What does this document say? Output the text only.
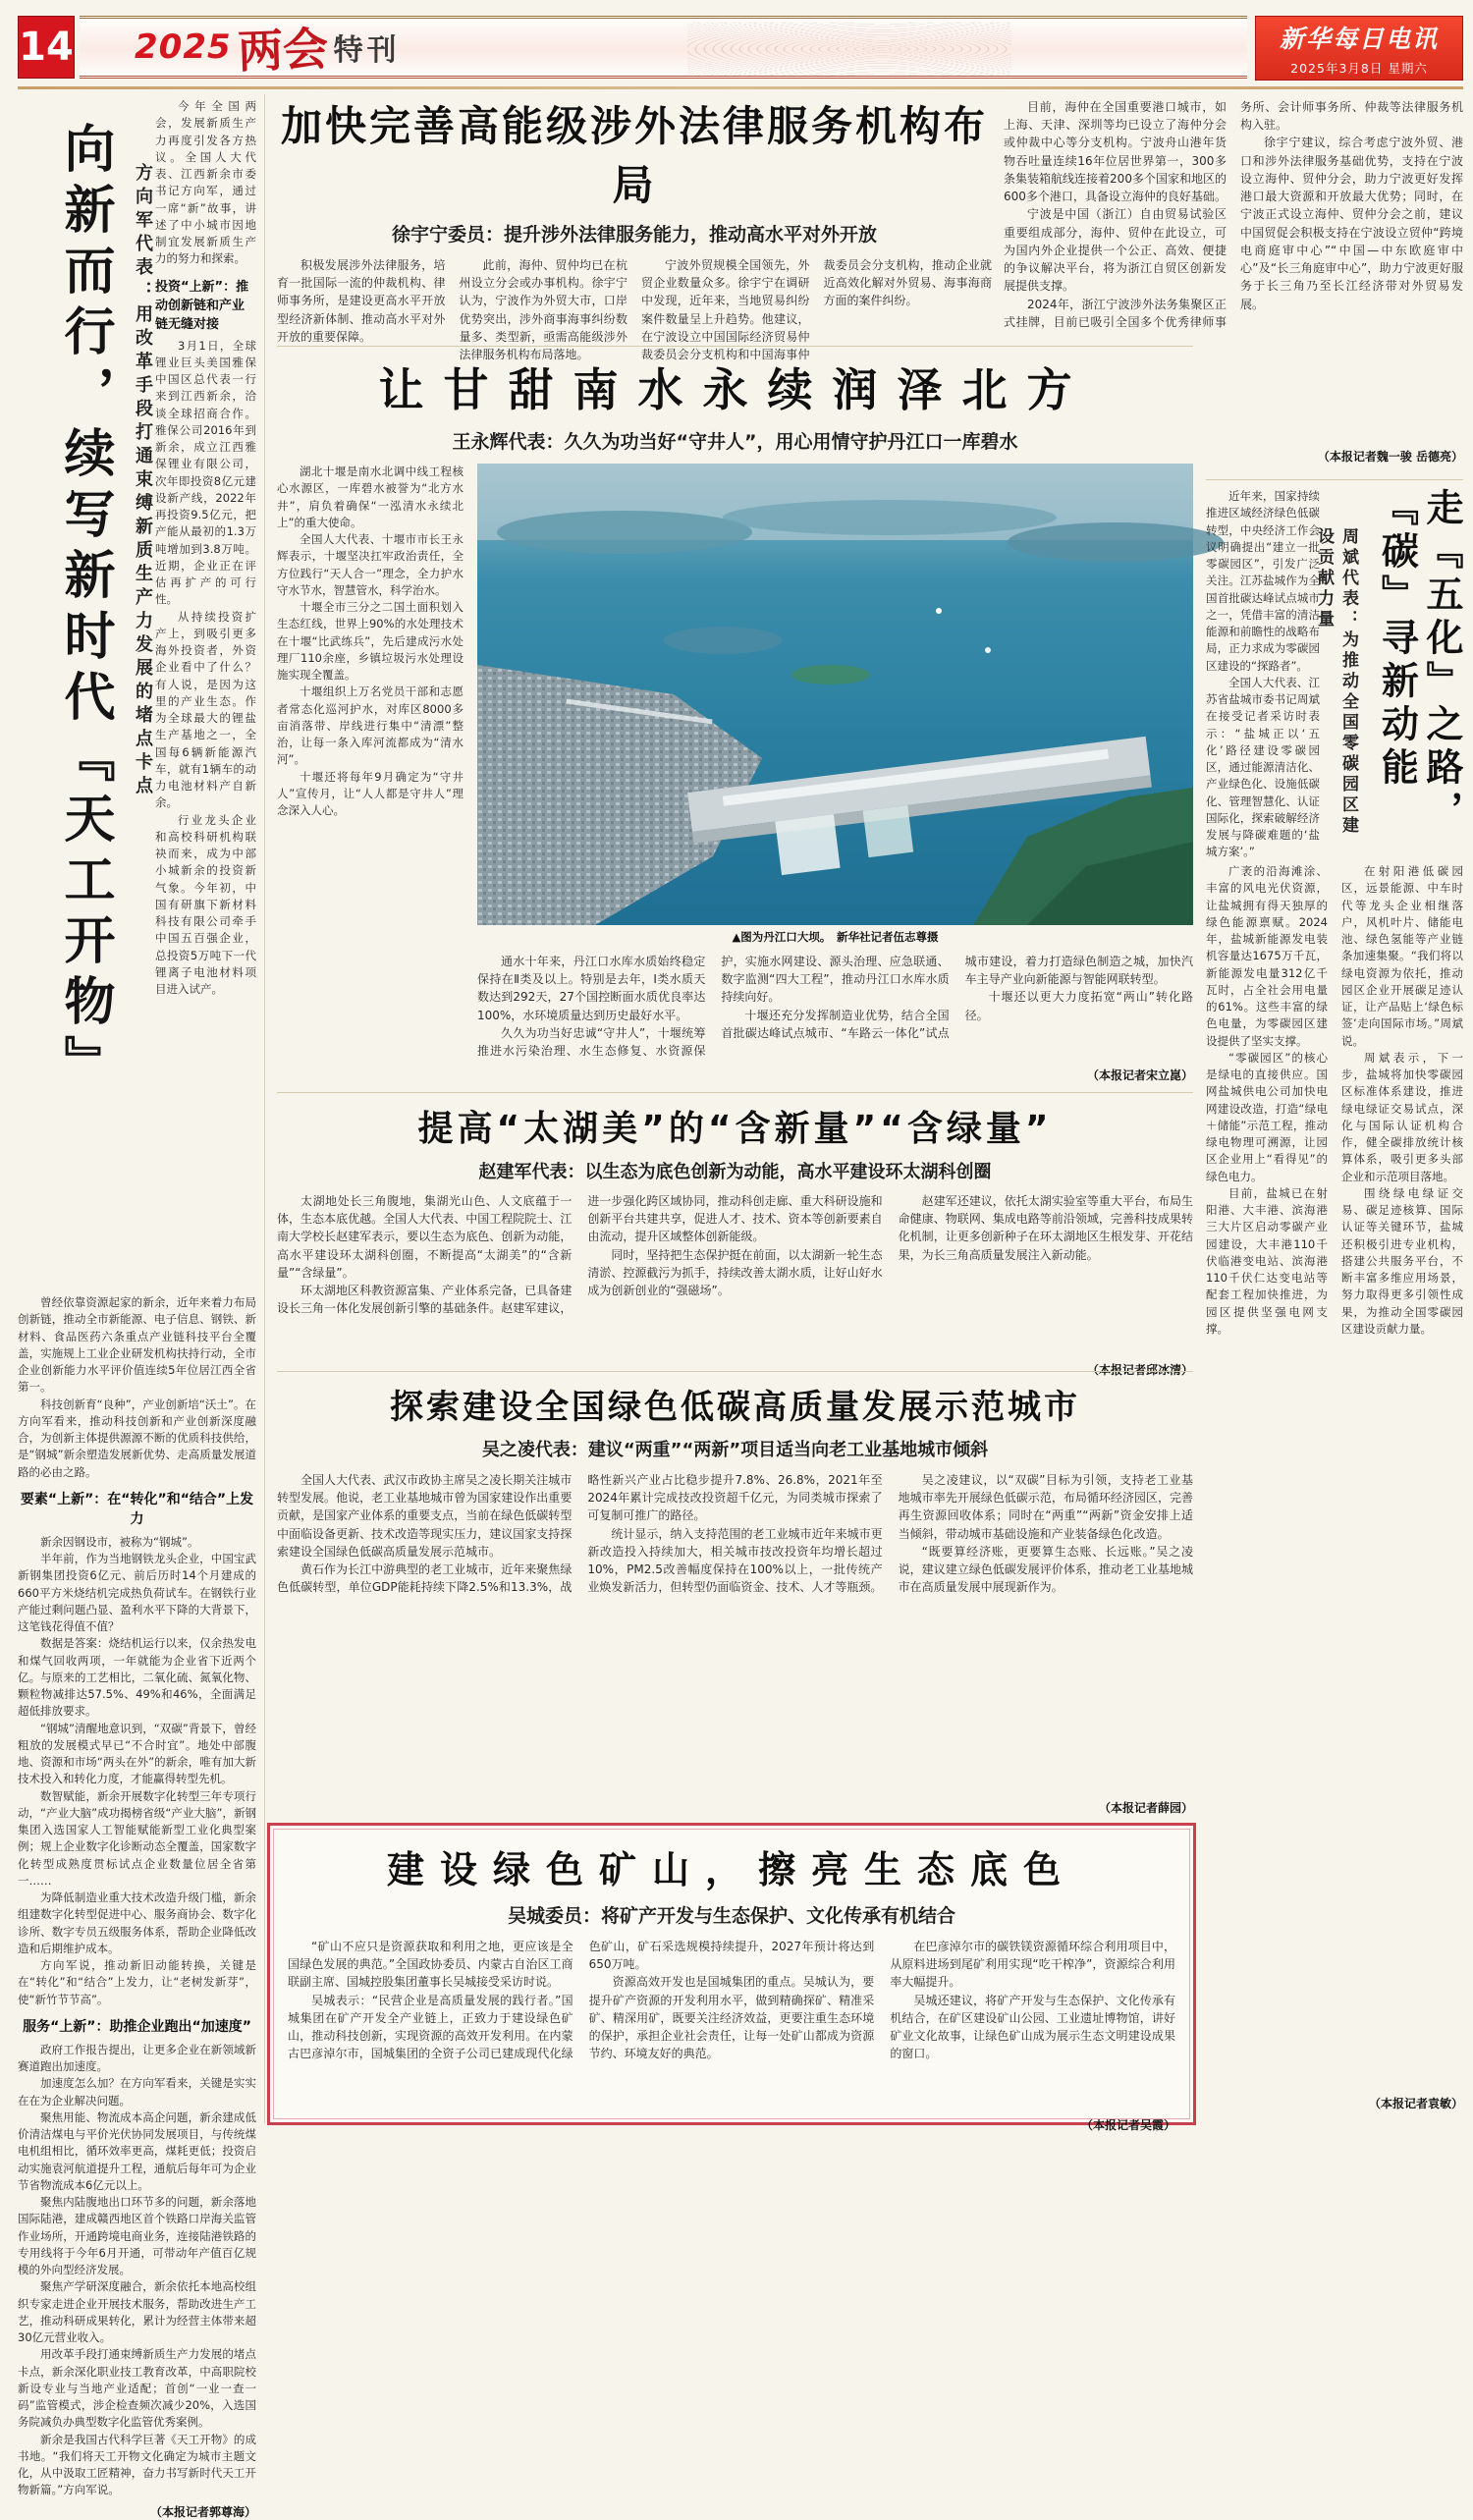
14 2025 两会 特刊	新华每日电讯
2025年3月8日 星期六
向新而行，续写新时代『天工开物』	方向军代表：用改革手段打通束缚新质生产力发展的堵点卡点

今年全国两会，发展新质生产力再度引发各方热议。全国人大代表、江西新余市委书记方向军，通过一席“新”故事，讲述了中小城市因地制宜发展新质生产力的努力和探索。

投资“上新”：推动创新链和产业链无缝对接

3月1日，全球锂业巨头美国雅保中国区总代表一行来到江西新余，洽谈全球招商合作。雅保公司2016年到新余，成立江西雅保锂业有限公司，次年即投资8亿元建设新产线，2022年再投资9.5亿元，把产能从最初的1.3万吨增加到3.8万吨。近期，企业正在评估再扩产的可行性。

从持续投资扩产上，到吸引更多海外投资者，外资企业看中了什么？有人说，是因为这里的产业生态。作为全球最大的锂盐生产基地之一，全国每6辆新能源汽车，就有1辆车的动力电池材料产自新余。

行业龙头企业和高校科研机构联袂而来，成为中部小城新余的投资新气象。今年初，中国有研旗下新材料科技有限公司牵手中国五百强企业，总投资5万吨下一代锂离子电池材料项目进入试产。

曾经依靠资源起家的新余，近年来着力布局创新链，推动全市新能源、电子信息、钢铁、新材料、食品医药六条重点产业链科技平台全覆盖，实施规上工业企业研发机构扶持行动，全市企业创新能力水平评价值连续5年位居江西全省第一。

科技创新育“良种”，产业创新培“沃土”。在方向军看来，推动科技创新和产业创新深度融合，为创新主体提供源源不断的优质科技供给，是“钢城”新余塑造发展新优势、走高质量发展道路的必由之路。

要素“上新”：在“转化”和“结合”上发力

新余因钢设市，被称为“钢城”。

半年前，作为当地钢铁龙头企业，中国宝武新钢集团投资6亿元、前后历时14个月建成的660平方米烧结机完成热负荷试车。在钢铁行业产能过剩问题凸显、盈利水平下降的大背景下，这笔钱花得值不值？

数据是答案：烧结机运行以来，仅余热发电和煤气回收两项，一年就能为企业省下近两个亿。与原来的工艺相比，二氧化硫、氮氧化物、颗粒物减排达57.5%、49%和46%，全面满足超低排放要求。

“钢城”清醒地意识到，“双碳”背景下，曾经粗放的发展模式早已“不合时宜”。地处中部腹地、资源和市场“两头在外”的新余，唯有加大新技术投入和转化力度，才能赢得转型先机。

数智赋能，新余开展数字化转型三年专项行动，“产业大脑”成功揭榜省级“产业大脑”，新钢集团入选国家人工智能赋能新型工业化典型案例；规上企业数字化诊断动态全覆盖，国家数字化转型成熟度贯标试点企业数量位居全省第一……

为降低制造业重大技术改造升级门槛，新余组建数字化转型促进中心、服务商协会、数字化诊所、数字专员五级服务体系，帮助企业降低改造和后期维护成本。

方向军说，推动新旧动能转换，关键是在“转化”和“结合”上发力，让“老树发新芽”，使“新竹节节高”。

服务“上新”：助推企业跑出“加速度”

政府工作报告提出，让更多企业在新领域新赛道跑出加速度。

加速度怎么加？在方向军看来，关键是实实在在为企业解决问题。

聚焦用能、物流成本高企问题，新余建成低价清洁煤电与平价光伏协同发展项目，与传统煤电机组相比，循环效率更高，煤耗更低；投资启动实施袁河航道提升工程，通航后每年可为企业节省物流成本6亿元以上。

聚焦内陆腹地出口环节多的问题，新余落地国际陆港，建成赣西地区首个铁路口岸海关监管作业场所，开通跨境电商业务，连接陆港铁路的专用线将于今年6月开通，可带动年产值百亿规模的外向型经济发展。

聚焦产学研深度融合，新余依托本地高校组织专家走进企业开展技术服务，帮助改进生产工艺，推动科研成果转化，累计为经营主体带来超30亿元营业收入。

用改革手段打通束缚新质生产力发展的堵点卡点，新余深化职业技工教育改革，中高职院校新设专业与当地产业适配；首创“一业一查一码”监管模式，涉企检查频次减少20%，入选国务院减负办典型数字化监管优秀案例。

新余是我国古代科学巨著《天工开物》的成书地。“我们将天工开物文化确定为城市主题文化，从中汲取工匠精神，奋力书写新时代天工开物新篇。”方向军说。

（本报记者郭尊海）
加快完善高能级涉外法律服务机构布局
徐宇宁委员：提升涉外法律服务能力，推动高水平对外开放

积极发展涉外法律服务，培育一批国际一流的仲裁机构、律师事务所，是建设更高水平开放型经济新体制、推动高水平对外开放的重要保障。

此前，海仲、贸仲均已在杭州设立分会或办事机构。徐宇宁认为，宁波作为外贸大市，口岸优势突出，涉外商事海事纠纷数量多、类型新，亟需高能级涉外法律服务机构布局落地。

宁波外贸规模全国领先，外贸企业数量众多。徐宇宁在调研中发现，近年来，当地贸易纠纷案件数量呈上升趋势。他建议，在宁波设立中国国际经济贸易仲裁委员会分支机构和中国海事仲裁委员会分支机构，推动企业就近高效化解对外贸易、海事海商方面的案件纠纷。

目前，海仲在全国重要港口城市，如上海、天津、深圳等均已设立了海仲分会或仲裁中心等分支机构。宁波舟山港年货物吞吐量连续16年位居世界第一，300多条集装箱航线连接着200多个国家和地区的600多个港口，具备设立海仲的良好基础。

宁波是中国（浙江）自由贸易试验区重要组成部分，海仲、贸仲在此设立，可为国内外企业提供一个公正、高效、便捷的争议解决平台，将为浙江自贸区创新发展提供支撑。

2024年，浙江宁波涉外法务集聚区正式挂牌，目前已吸引全国多个优秀律师事务所、会计师事务所、仲裁等法律服务机构入驻。

徐宇宁建议，综合考虑宁波外贸、港口和涉外法律服务基础优势，支持在宁波设立海仲、贸仲分会，助力宁波更好发挥港口最大资源和开放最大优势；同时，在宁波正式设立海仲、贸仲分会之前，建议中国贸促会积极支持在宁波设立贸仲“跨境电商庭审中心”“中国—中东欧庭审中心”及“长三角庭审中心”，助力宁波更好服务于长三角乃至长江经济带对外贸易发展。

（本报记者魏一骏 岳德亮）
让甘甜南水永续润泽北方
王永辉代表：久久为功当好“守井人”，用心用情守护丹江口一库碧水

湖北十堰是南水北调中线工程核心水源区，一库碧水被誉为“北方水井”，肩负着确保“一泓清水永续北上”的重大使命。

全国人大代表、十堰市市长王永辉表示，十堰坚决扛牢政治责任，全方位践行“天人合一”理念，全力护水守水节水，智慧管水，科学治水。

十堰全市三分之二国土面积划入生态红线，世界上90%的水处理技术在十堰“比武练兵”，先后建成污水处理厂110余座，乡镇垃圾污水处理设施实现全覆盖。

十堰组织上万名党员干部和志愿者常态化巡河护水，对库区8000多亩消落带、岸线进行集中“清漂”整治，让每一条入库河流都成为“清水河”。

十堰还将每年9月确定为“守井人”宣传月，让“人人都是守井人”理念深入人心。

▲图为丹江口大坝。　新华社记者伍志尊摄

通水十年来，丹江口水库水质始终稳定保持在Ⅱ类及以上。特别是去年，Ⅰ类水质天数达到292天，27个国控断面水质优良率达100%，水环境质量达到历史最好水平。

久久为功当好忠诚“守井人”，十堰统筹推进水污染治理、水生态修复、水资源保护，实施水网建设、源头治理、应急联通、数字监测“四大工程”，推动丹江口水库水质持续向好。

十堰还充分发挥制造业优势，结合全国首批碳达峰试点城市、“车路云一体化”试点城市建设，着力打造绿色制造之城，加快汽车主导产业向新能源与智能网联转型。

十堰还以更大力度拓宽“两山”转化路径。

（本报记者宋立崑）
提高“太湖美”的“含新量”“含绿量”
赵建军代表：以生态为底色创新为动能，高水平建设环太湖科创圈

太湖地处长三角腹地，集湖光山色、人文底蕴于一体，生态本底优越。全国人大代表、中国工程院院士、江南大学校长赵建军表示，要以生态为底色、创新为动能，高水平建设环太湖科创圈，不断提高“太湖美”的“含新量”“含绿量”。

环太湖地区科教资源富集、产业体系完备，已具备建设长三角一体化发展创新引擎的基础条件。赵建军建议，进一步强化跨区域协同，推动科创走廊、重大科研设施和创新平台共建共享，促进人才、技术、资本等创新要素自由流动，提升区域整体创新能级。

同时，坚持把生态保护挺在前面，以太湖新一轮生态清淤、控源截污为抓手，持续改善太湖水质，让好山好水成为创新创业的“强磁场”。

赵建军还建议，依托太湖实验室等重大平台，布局生命健康、物联网、集成电路等前沿领域，完善科技成果转化机制，让更多创新种子在环太湖地区生根发芽、开花结果，为长三角高质量发展注入新动能。

（本报记者邱冰清）
探索建设全国绿色低碳高质量发展示范城市
吴之凌代表：建议“两重”“两新”项目适当向老工业基地城市倾斜

全国人大代表、武汉市政协主席吴之凌长期关注城市转型发展。他说，老工业基地城市曾为国家建设作出重要贡献，是国家产业体系的重要支点，当前在绿色低碳转型中面临设备更新、技术改造等现实压力，建议国家支持探索建设全国绿色低碳高质量发展示范城市。

黄石作为长江中游典型的老工业城市，近年来聚焦绿色低碳转型，单位GDP能耗持续下降2.5%和13.3%，战略性新兴产业占比稳步提升7.8%、26.8%，2021年至2024年累计完成技改投资超千亿元，为同类城市探索了可复制可推广的路径。

统计显示，纳入支持范围的老工业城市近年来城市更新改造投入持续加大，相关城市技改投资年均增长超过10%，PM2.5改善幅度保持在100%以上，一批传统产业焕发新活力，但转型仍面临资金、技术、人才等瓶颈。

吴之凌建议，以“双碳”目标为引领，支持老工业基地城市率先开展绿色低碳示范，布局循环经济园区，完善再生资源回收体系；同时在“两重”“两新”资金安排上适当倾斜，带动城市基础设施和产业装备绿色化改造。

“既要算经济账，更要算生态账、长远账。”吴之凌说，建议建立绿色低碳发展评价体系，推动老工业基地城市在高质量发展中展现新作为。

（本报记者薛园）
建设绿色矿山，擦亮生态底色
吴城委员：将矿产开发与生态保护、文化传承有机结合

“矿山不应只是资源获取和利用之地，更应该是全国绿色发展的典范。”全国政协委员、内蒙古自治区工商联副主席、国城控股集团董事长吴城接受采访时说。

吴城表示：“民营企业是高质量发展的践行者。”国城集团在矿产开发全产业链上，正致力于建设绿色矿山，推动科技创新，实现资源的高效开发利用。在内蒙古巴彦淖尔市，国城集团的全资子公司已建成现代化绿色矿山，矿石采选规模持续提升，2027年预计将达到650万吨。

资源高效开发也是国城集团的重点。吴城认为，要提升矿产资源的开发利用水平，做到精确探矿、精准采矿、精深用矿，既要关注经济效益，更要注重生态环境的保护，承担企业社会责任，让每一处矿山都成为资源节约、环境友好的典范。

在巴彦淖尔市的碳铁镁资源循环综合利用项目中，从原料进场到尾矿利用实现“吃干榨净”，资源综合利用率大幅提升。

吴城还建议，将矿产开发与生态保护、文化传承有机结合，在矿区建设矿山公园、工业遗址博物馆，讲好矿业文化故事，让绿色矿山成为展示生态文明建设成果的窗口。

（本报记者吴霞）

近年来，国家持续推进区域经济绿色低碳转型，中央经济工作会议明确提出“建立一批零碳园区”，引发广泛关注。江苏盐城作为全国首批碳达峰试点城市之一，凭借丰富的清洁能源和前瞻性的战略布局，正力求成为零碳园区建设的“探路者”。

全国人大代表、江苏省盐城市委书记周斌在接受记者采访时表示：“盐城正以‘五化’路径建设零碳园区，通过能源清洁化、产业绿色化、设施低碳化、管理智慧化、认证国际化，探索破解经济发展与降碳难题的‘盐城方案’。”

周斌代表：为推动全国零碳园区建设贡献力量	走『五化』之路，『碳』寻新动能

广袤的沿海滩涂、丰富的风电光伏资源，让盐城拥有得天独厚的绿色能源禀赋。2024年，盐城新能源发电装机容量达1675万千瓦，新能源发电量312亿千瓦时，占全社会用电量的61%。这些丰富的绿色电量，为零碳园区建设提供了坚实支撑。

“零碳园区”的核心是绿电的直接供应。国网盐城供电公司加快电网建设改造，打造“绿电＋储能”示范工程，推动绿电物理可溯源，让园区企业用上“看得见”的绿色电力。

目前，盐城已在射阳港、大丰港、滨海港三大片区启动零碳产业园建设，大丰港110千伏临港变电站、滨海港110千伏仁达变电站等配套工程加快推进，为园区提供坚强电网支撑。

在射阳港低碳园区，远景能源、中车时代等龙头企业相继落户，风机叶片、储能电池、绿色氢能等产业链条加速集聚。“我们将以绿电资源为依托，推动园区企业开展碳足迹认证，让产品贴上‘绿色标签’走向国际市场。”周斌说。

周斌表示，下一步，盐城将加快零碳园区标准体系建设，推进绿电绿证交易试点，深化与国际认证机构合作，健全碳排放统计核算体系，吸引更多头部企业和示范项目落地。

围绕绿电绿证交易、碳足迹核算、国际认证等关键环节，盐城还积极引进专业机构，搭建公共服务平台，不断丰富多维应用场景，努力取得更多引领性成果，为推动全国零碳园区建设贡献力量。

（本报记者袁敏）
